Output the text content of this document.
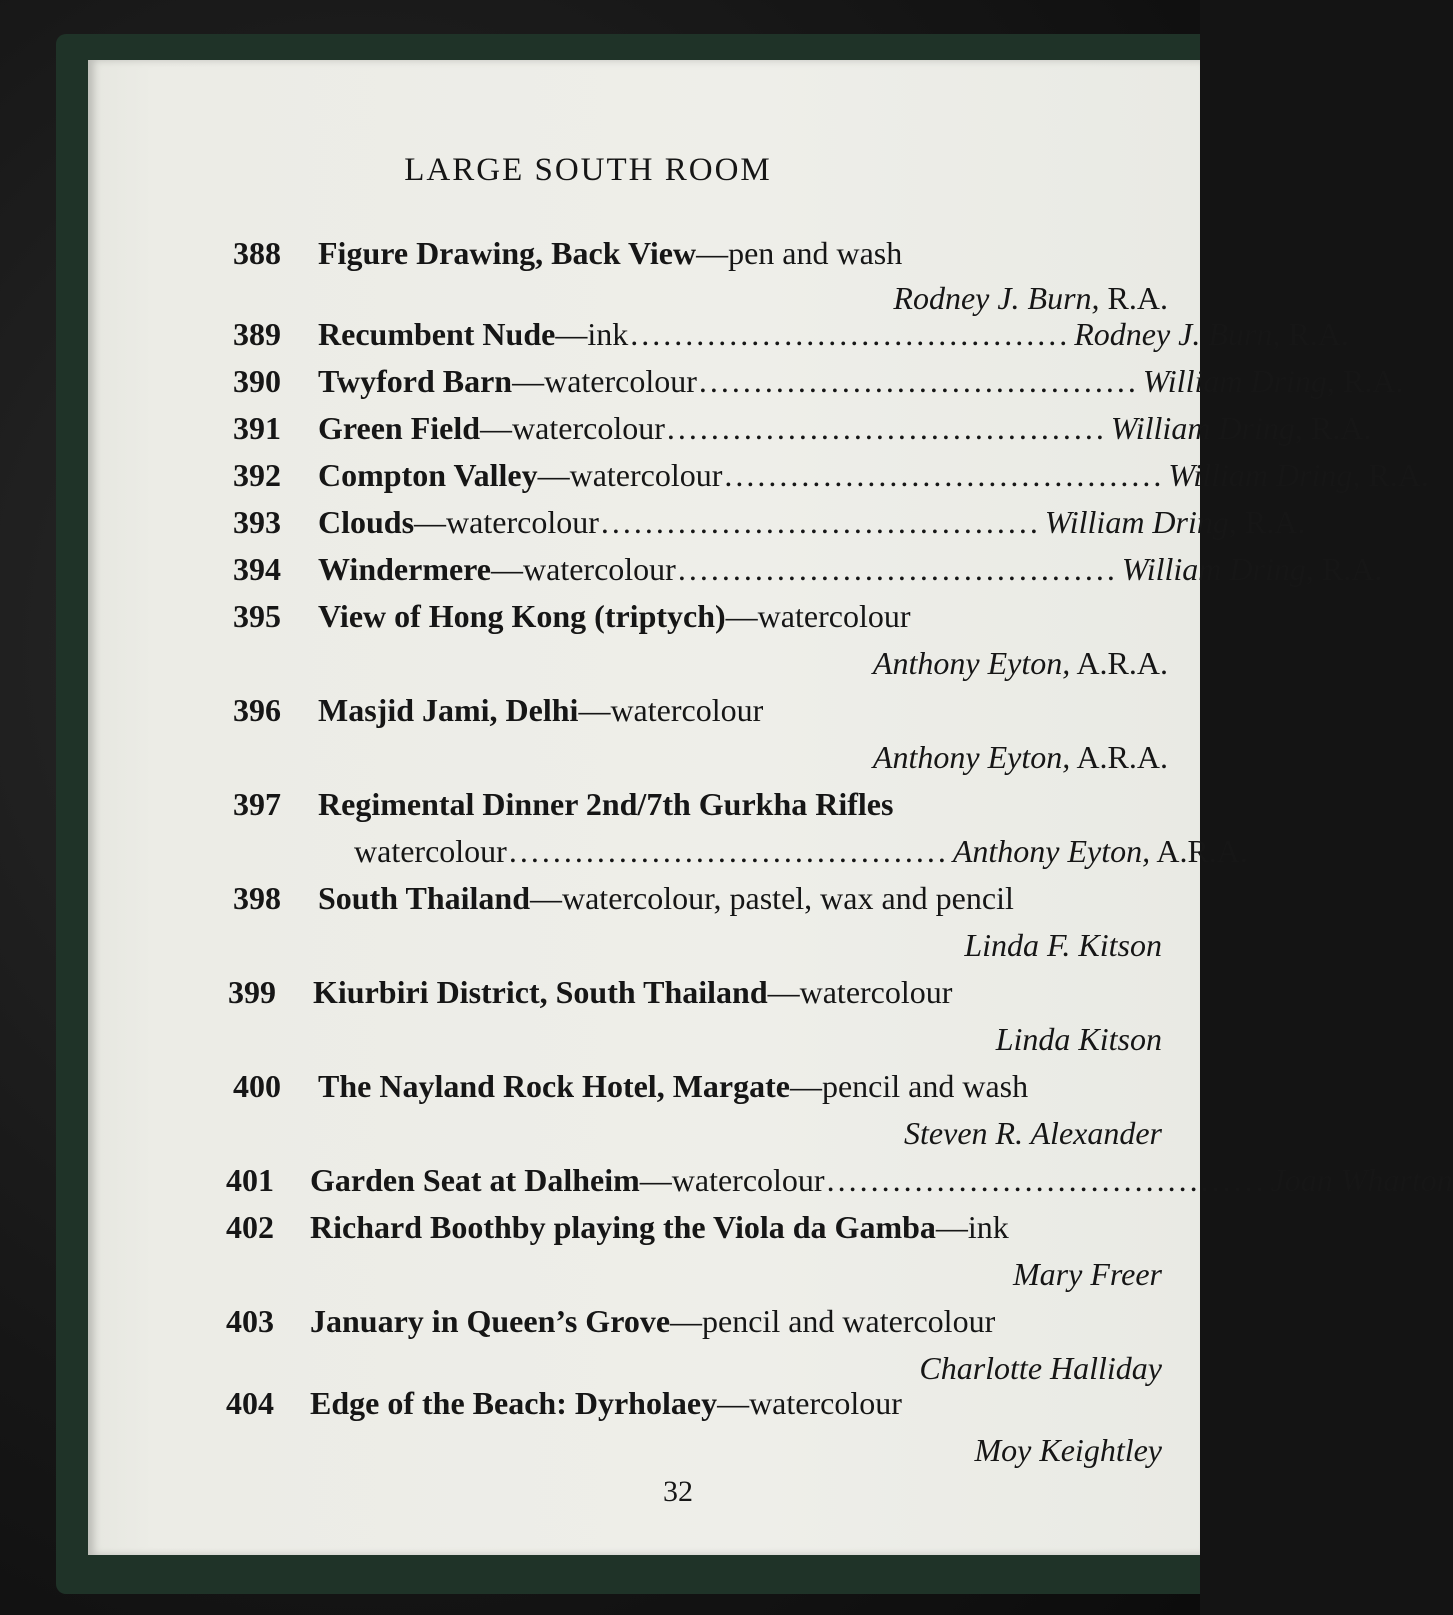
LARGE SOUTH ROOM
388	Figure Drawing, Back View—pen and wash
Rodney J. Burn, R.A.
389	Recumbent Nude—ink ........................................ Rodney J. Burn, R.A.
390	Twyford Barn—watercolour ........................................ William Dring, R.A.
391	Green Field—watercolour ........................................ William Dring, R.A.
392	Compton Valley—watercolour ........................................ William Dring, R.A.
393	Clouds—watercolour ........................................ William Dring, R.A.
394	Windermere—watercolour ........................................ William Dring, R.A.
395	View of Hong Kong (triptych)—watercolour
Anthony Eyton, A.R.A.
396	Masjid Jami, Delhi—watercolour
Anthony Eyton, A.R.A.
397	Regimental Dinner 2nd/7th Gurkha Rifles
watercolour ........................................ Anthony Eyton, A.R.A.
398	South Thailand—watercolour, pastel, wax and pencil
Linda F. Kitson
399	Kiurbiri District, South Thailand—watercolour
Linda Kitson
400	The Nayland Rock Hotel, Margate—pencil and wash
Steven R. Alexander
401	Garden Seat at Dalheim—watercolour ........................................ Joan Wharton
402	Richard Boothby playing the Viola da Gamba—ink
Mary Freer
403	January in Queen’s Grove—pencil and watercolour
Charlotte Halliday
404	Edge of the Beach: Dyrholaey—watercolour
Moy Keightley
32
